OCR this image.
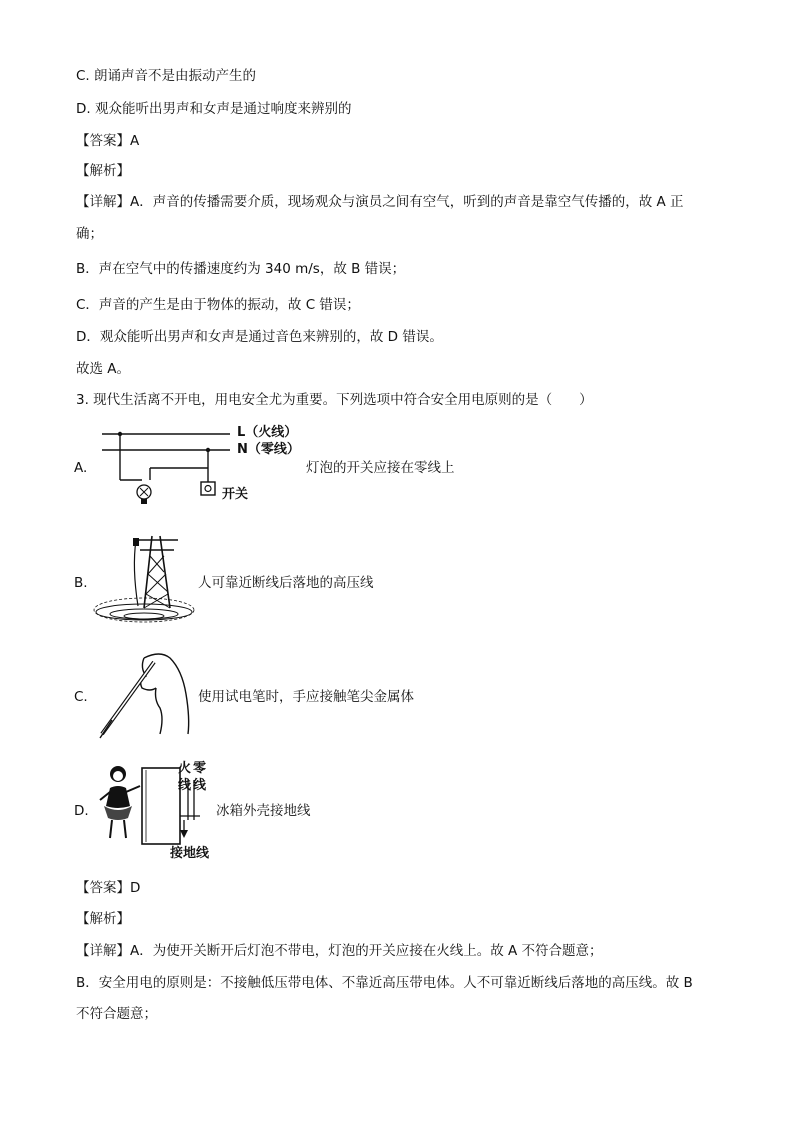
C. 朗诵声音不是由振动产生的
D. 观众能听出男声和女声是通过响度来辨别的
【答案】A
【解析】
【详解】A．声音的传播需要介质，现场观众与演员之间有空气，听到的声音是靠空气传播的，故 A 正
确；
B．声在空气中的传播速度约为 340 m/s，故 B 错误；
C．声音的产生是由于物体的振动，故 C 错误；
D．观众能听出男声和女声是通过音色来辨别的，故 D 错误。
故选 A。
3. 现代生活离不开电，用电安全尤为重要。下列选项中符合安全用电原则的是（　　）
A.
L（火线）
N（零线）
开关
灯泡的开关应接在零线上
B.	人可靠近断线后落地的高压线
C.	使用试电笔时，手应接触笔尖金属体
D.
火 零
线 线
接地线
冰箱外壳接地线
【答案】D
【解析】
【详解】A．为使开关断开后灯泡不带电，灯泡的开关应接在火线上。故 A 不符合题意；
B．安全用电的原则是：不接触低压带电体、不靠近高压带电体。人不可靠近断线后落地的高压线。故 B
不符合题意；
